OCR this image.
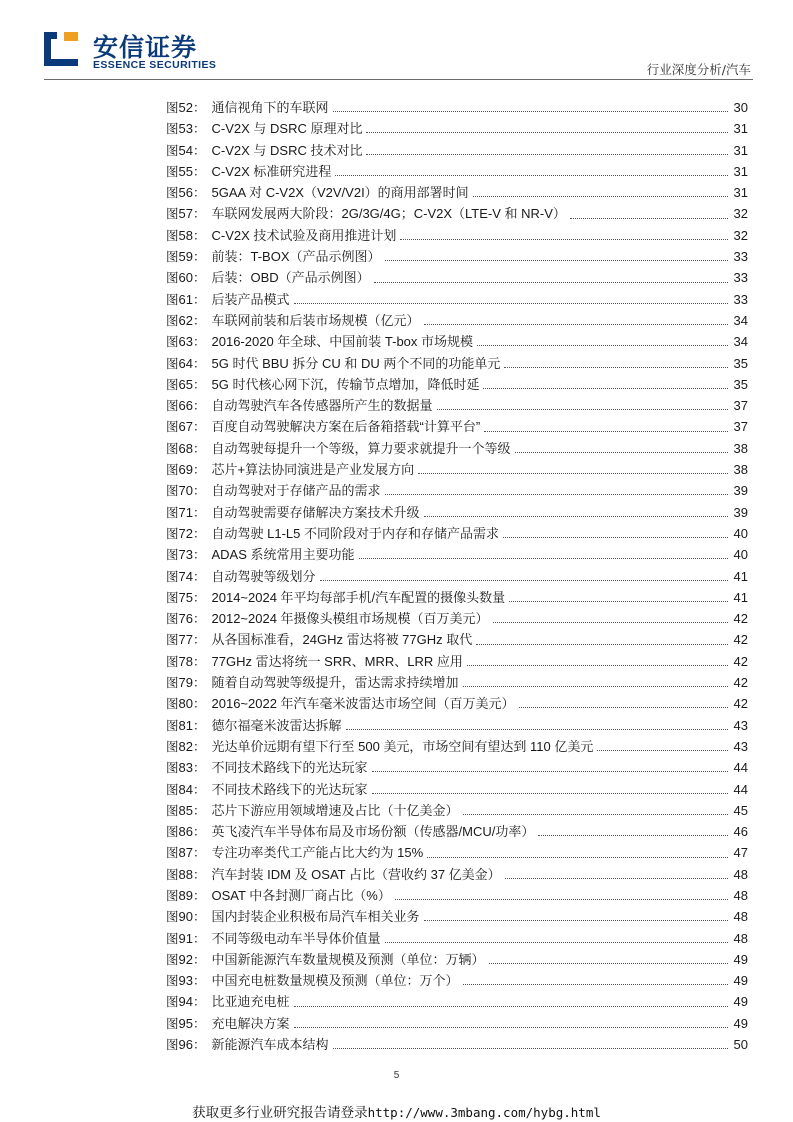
安信证券
ESSENCE SECURITIES	行业深度分析/汽车
图 52 ： 通信视角下的车联网	30
图 53 ： C-V2X 与 DSRC 原理对比	31
图 54 ： C-V2X 与 DSRC 技术对比	31
图 55 ： C-V2X 标准研究进程	31
图 56 ： 5GAA 对 C-V2X（V2V/V2I）的商用部署时间	31
图 57 ： 车联网发展两大阶段：2G/3G/4G；C-V2X（LTE-V 和 NR-V）	32
图 58 ： C-V2X 技术试验及商用推进计划	32
图 59 ： 前装：T-BOX（产品示例图）	33
图 60 ： 后装：OBD（产品示例图）	33
图 61 ： 后装产品模式	33
图 62 ： 车联网前装和后装市场规模（亿元）	34
图 63 ： 2016-2020 年全球、中国前装 T-box 市场规模	34
图 64 ： 5G 时代 BBU 拆分 CU 和 DU 两个不同的功能单元	35
图 65 ： 5G 时代核心网下沉，传输节点增加，降低时延	35
图 66 ： 自动驾驶汽车各传感器所产生的数据量	37
图 67 ： 百度自动驾驶解决方案在后备箱搭载“计算平台”	37
图 68 ： 自动驾驶每提升一个等级，算力要求就提升一个等级	38
图 69 ： 芯片+算法协同演进是产业发展方向	38
图 70 ： 自动驾驶对于存储产品的需求	39
图 71 ： 自动驾驶需要存储解决方案技术升级	39
图 72 ： 自动驾驶 L1-L5 不同阶段对于内存和存储产品需求	40
图 73 ： ADAS 系统常用主要功能	40
图 74 ： 自动驾驶等级划分	41
图 75 ： 2014~2024 年平均每部手机/汽车配置的摄像头数量	41
图 76 ： 2012~2024 年摄像头模组市场规模（百万美元）	42
图 77 ： 从各国标准看，24GHz 雷达将被 77GHz 取代	42
图 78 ： 77GHz 雷达将统一 SRR、MRR、LRR 应用	42
图 79 ： 随着自动驾驶等级提升，雷达需求持续增加	42
图 80 ： 2016~2022 年汽车毫米波雷达市场空间（百万美元）	42
图 81 ： 德尔福毫米波雷达拆解	43
图 82 ： 光达单价远期有望下行至 500 美元，市场空间有望达到 110 亿美元	43
图 83 ： 不同技术路线下的光达玩家	44
图 84 ： 不同技术路线下的光达玩家	44
图 85 ： 芯片下游应用领域增速及占比（十亿美金）	45
图 86 ： 英飞凌汽车半导体布局及市场份额（传感器/MCU/功率）	46
图 87 ： 专注功率类代工产能占比大约为 15%	47
图 88 ： 汽车封装 IDM 及 OSAT 占比（营收约 37 亿美金）	48
图 89 ： OSAT 中各封测厂商占比（%）	48
图 90 ： 国内封装企业积极布局汽车相关业务	48
图 91 ： 不同等级电动车半导体价值量	48
图 92 ： 中国新能源汽车数量规模及预测（单位：万辆）	49
图 93 ： 中国充电桩数量规模及预测（单位：万个）	49
图 94 ： 比亚迪充电桩	49
图 95 ： 充电解决方案	49
图 96 ： 新能源汽车成本结构	50
5
获取更多行业研究报告请登录http://www.3mbang.com/hybg.html
